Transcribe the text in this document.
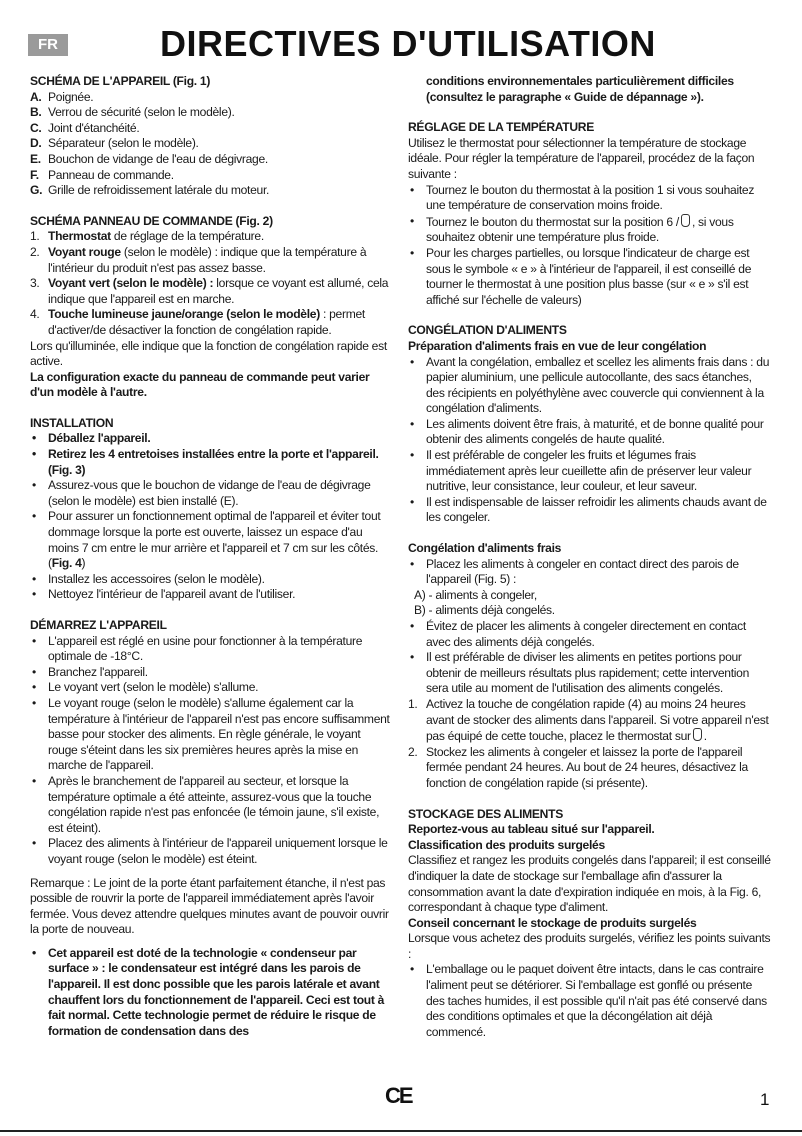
FR	DIRECTIVES D'UTILISATION

SCHÉMA DE L'APPAREIL (Fig. 1)

A. Poignée.
B. Verrou de sécurité (selon le modèle).
C. Joint d'étanchéité.
D. Séparateur (selon le modèle).
E. Bouchon de vidange de l'eau de dégivrage.
F. Panneau de commande.
G. Grille de refroidissement latérale du moteur.

SCHÉMA PANNEAU DE COMMANDE (Fig. 2)

1. Thermostat de réglage de la température.
2. Voyant rouge (selon le modèle) : indique que la température à l'intérieur du produit n'est pas assez basse.
3. Voyant vert (selon le modèle) : lorsque ce voyant est allumé, cela indique que l'appareil est en marche.
4. Touche lumineuse jaune/orange (selon le modèle) : permet d'activer/de désactiver la fonction de congélation rapide.

Lors qu'illuminée, elle indique que la fonction de congélation rapide est active.

La configuration exacte du panneau de commande peut varier d'un modèle à l'autre.

INSTALLATION

• Déballez l'appareil.
• Retirez les 4 entretoises installées entre la porte et l'appareil. (Fig. 3)
• Assurez-vous que le bouchon de vidange de l'eau de dégivrage (selon le modèle) est bien installé (E).
• Pour assurer un fonctionnement optimal de l'appareil et éviter tout dommage lorsque la porte est ouverte, laissez un espace d'au moins 7 cm entre le mur arrière et l'appareil et 7 cm sur les côtés. (Fig. 4)
• Installez les accessoires (selon le modèle).
• Nettoyez l'intérieur de l'appareil avant de l'utiliser.

DÉMARREZ L'APPAREIL

• L'appareil est réglé en usine pour fonctionner à la température optimale de -18°C.
• Branchez l'appareil.
• Le voyant vert (selon le modèle) s'allume.
• Le voyant rouge (selon le modèle) s'allume également car la température à l'intérieur de l'appareil n'est pas encore suffisamment basse pour stocker des aliments. En règle générale, le voyant rouge s'éteint dans les six premières heures après la mise en marche de l'appareil.
• Après le branchement de l'appareil au secteur, et lorsque la température optimale a été atteinte, assurez-vous que la touche congélation rapide n'est pas enfoncée (le témoin jaune, s'il existe, est éteint).
• Placez des aliments à l'intérieur de l'appareil uniquement lorsque le voyant rouge (selon le modèle) est éteint.

Remarque : Le joint de la porte étant parfaitement étanche, il n'est pas possible de rouvrir la porte de l'appareil immédiatement après l'avoir fermée. Vous devez attendre quelques minutes avant de pouvoir ouvrir la porte de nouveau.

• Cet appareil est doté de la technologie « condenseur par surface » : le condensateur est intégré dans les parois de l'appareil. Il est donc possible que les parois latérale et avant chauffent lors du fonctionnement de l'appareil. Ceci est tout à fait normal. Cette technologie permet de réduire le risque de formation de condensation dans des

conditions environnementales particulièrement difficiles (consultez le paragraphe « Guide de dépannage »).

RÉGLAGE DE LA TEMPÉRATURE

Utilisez le thermostat pour sélectionner la température de stockage idéale. Pour régler la température de l'appareil, procédez de la façon suivante :

• Tournez le bouton du thermostat à la position 1 si vous souhaitez une température de conservation moins froide.
• Tournez le bouton du thermostat sur la position 6 / , si vous souhaitez obtenir une température plus froide.
• Pour les charges partielles, ou lorsque l'indicateur de charge est sous le symbole « e » à l'intérieur de l'appareil, il est conseillé de tourner le thermostat à une position plus basse (sur « e » s'il est affiché sur l'échelle de valeurs)

CONGÉLATION D'ALIMENTS

Préparation d'aliments frais en vue de leur congélation

• Avant la congélation, emballez et scellez les aliments frais dans : du papier aluminium, une pellicule autocollante, des sacs étanches, des récipients en polyéthylène avec couvercle qui conviennent à la congélation d'aliments.
• Les aliments doivent être frais, à maturité, et de bonne qualité pour obtenir des aliments congelés de haute qualité.
• Il est préférable de congeler les fruits et légumes frais immédiatement après leur cueillette afin de préserver leur valeur nutritive, leur consistance, leur couleur, et leur saveur.
• Il est indispensable de laisser refroidir les aliments chauds avant de les congeler.

Congélation d'aliments frais

• Placez les aliments à congeler en contact direct des parois de l'appareil (Fig. 5) :

A) - aliments à congeler,

B) - aliments déjà congelés.

• Évitez de placer les aliments à congeler directement en contact avec des aliments déjà congelés.
• Il est préférable de diviser les aliments en petites portions pour obtenir de meilleurs résultats plus rapidement; cette intervention sera utile au moment de l'utilisation des aliments congelés.
1. Activez la touche de congélation rapide (4) au moins 24 heures avant de stocker des aliments dans l'appareil. Si votre appareil n'est pas équipé de cette touche, placez le thermostat sur .
2. Stockez les aliments à congeler et laissez la porte de l'appareil fermée pendant 24 heures. Au bout de 24 heures, désactivez la fonction de congélation rapide (si présente).

STOCKAGE DES ALIMENTS

Reportez-vous au tableau situé sur l'appareil.

Classification des produits surgelés

Classifiez et rangez les produits congelés dans l'appareil; il est conseillé d'indiquer la date de stockage sur l'emballage afin d'assurer la consommation avant la date d'expiration indiquée en mois, à la Fig. 6, correspondant à chaque type d'aliment.

Conseil concernant le stockage de produits surgelés

Lorsque vous achetez des produits surgelés, vérifiez les points suivants :

• L'emballage ou le paquet doivent être intacts, dans le cas contraire l'aliment peut se détériorer. Si l'emballage est gonflé ou présente des taches humides, il est possible qu'il n'ait pas été conservé dans des conditions optimales et que la décongélation ait déjà commencé.
CE	1
